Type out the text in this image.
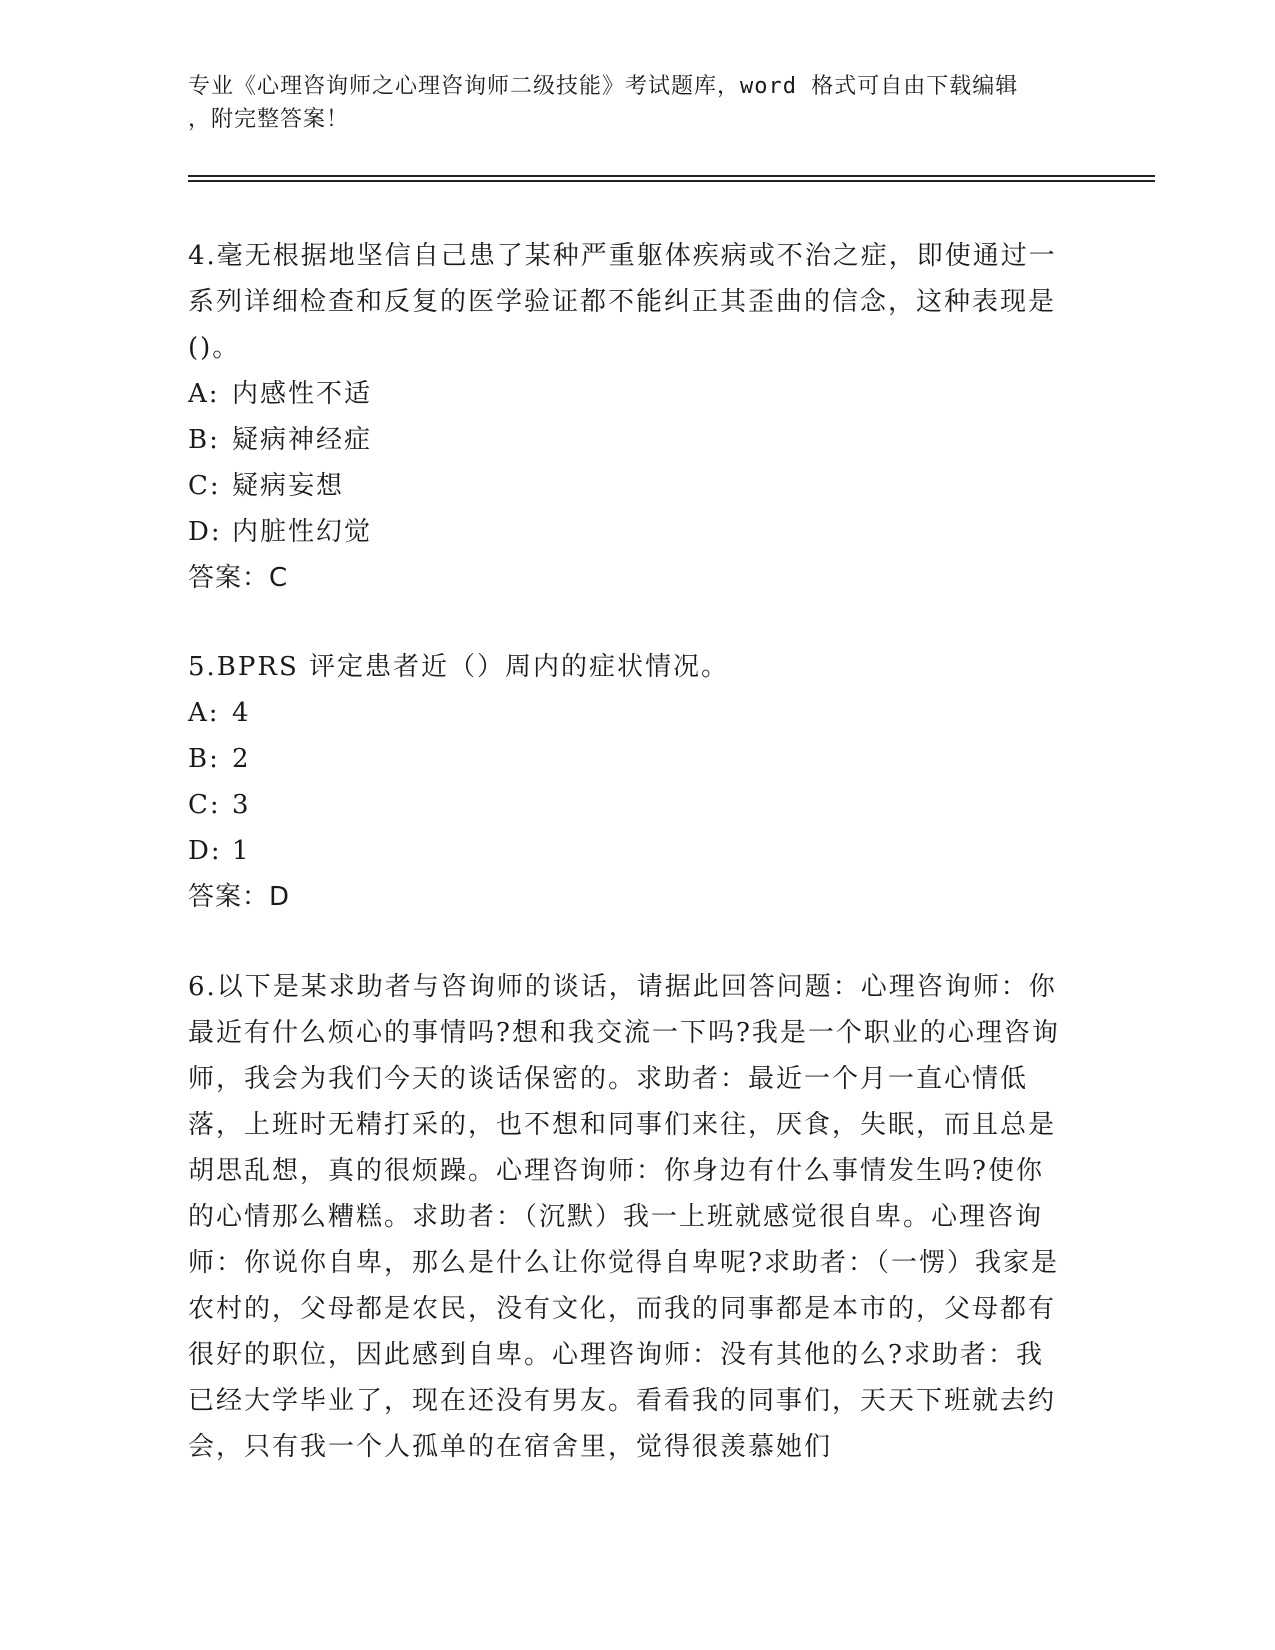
专业《心理咨询师之心理咨询师二级技能》考试题库，word 格式可自由下载编辑
，附完整答案！

4.毫无根据地坚信自己患了某种严重躯体疾病或不治之症，即使通过一系列详细检查和反复的医学验证都不能纠正其歪曲的信念，这种表现是()。

A: 内感性不适

B: 疑病神经症

C: 疑病妄想

D: 内脏性幻觉

答案：C

5.BPRS 评定患者近（）周内的症状情况。

A: 4

B: 2

C: 3

D: 1

答案：D

6.以下是某求助者与咨询师的谈话，请据此回答问题：心理咨询师：你最近有什么烦心的事情吗?想和我交流一下吗?我是一个职业的心理咨询师，我会为我们今天的谈话保密的。求助者：最近一个月一直心情低落，上班时无精打采的，也不想和同事们来往，厌食，失眠，而且总是胡思乱想，真的很烦躁。心理咨询师：你身边有什么事情发生吗?使你的心情那么糟糕。求助者：（沉默）我一上班就感觉很自卑。心理咨询师：你说你自卑，那么是什么让你觉得自卑呢?求助者：（一愣）我家是农村的，父母都是农民，没有文化，而我的同事都是本市的，父母都有很好的职位，因此感到自卑。心理咨询师：没有其他的么?求助者：我已经大学毕业了，现在还没有男友。看看我的同事们，天天下班就去约会，只有我一个人孤单的在宿舍里，觉得很羡慕她们
